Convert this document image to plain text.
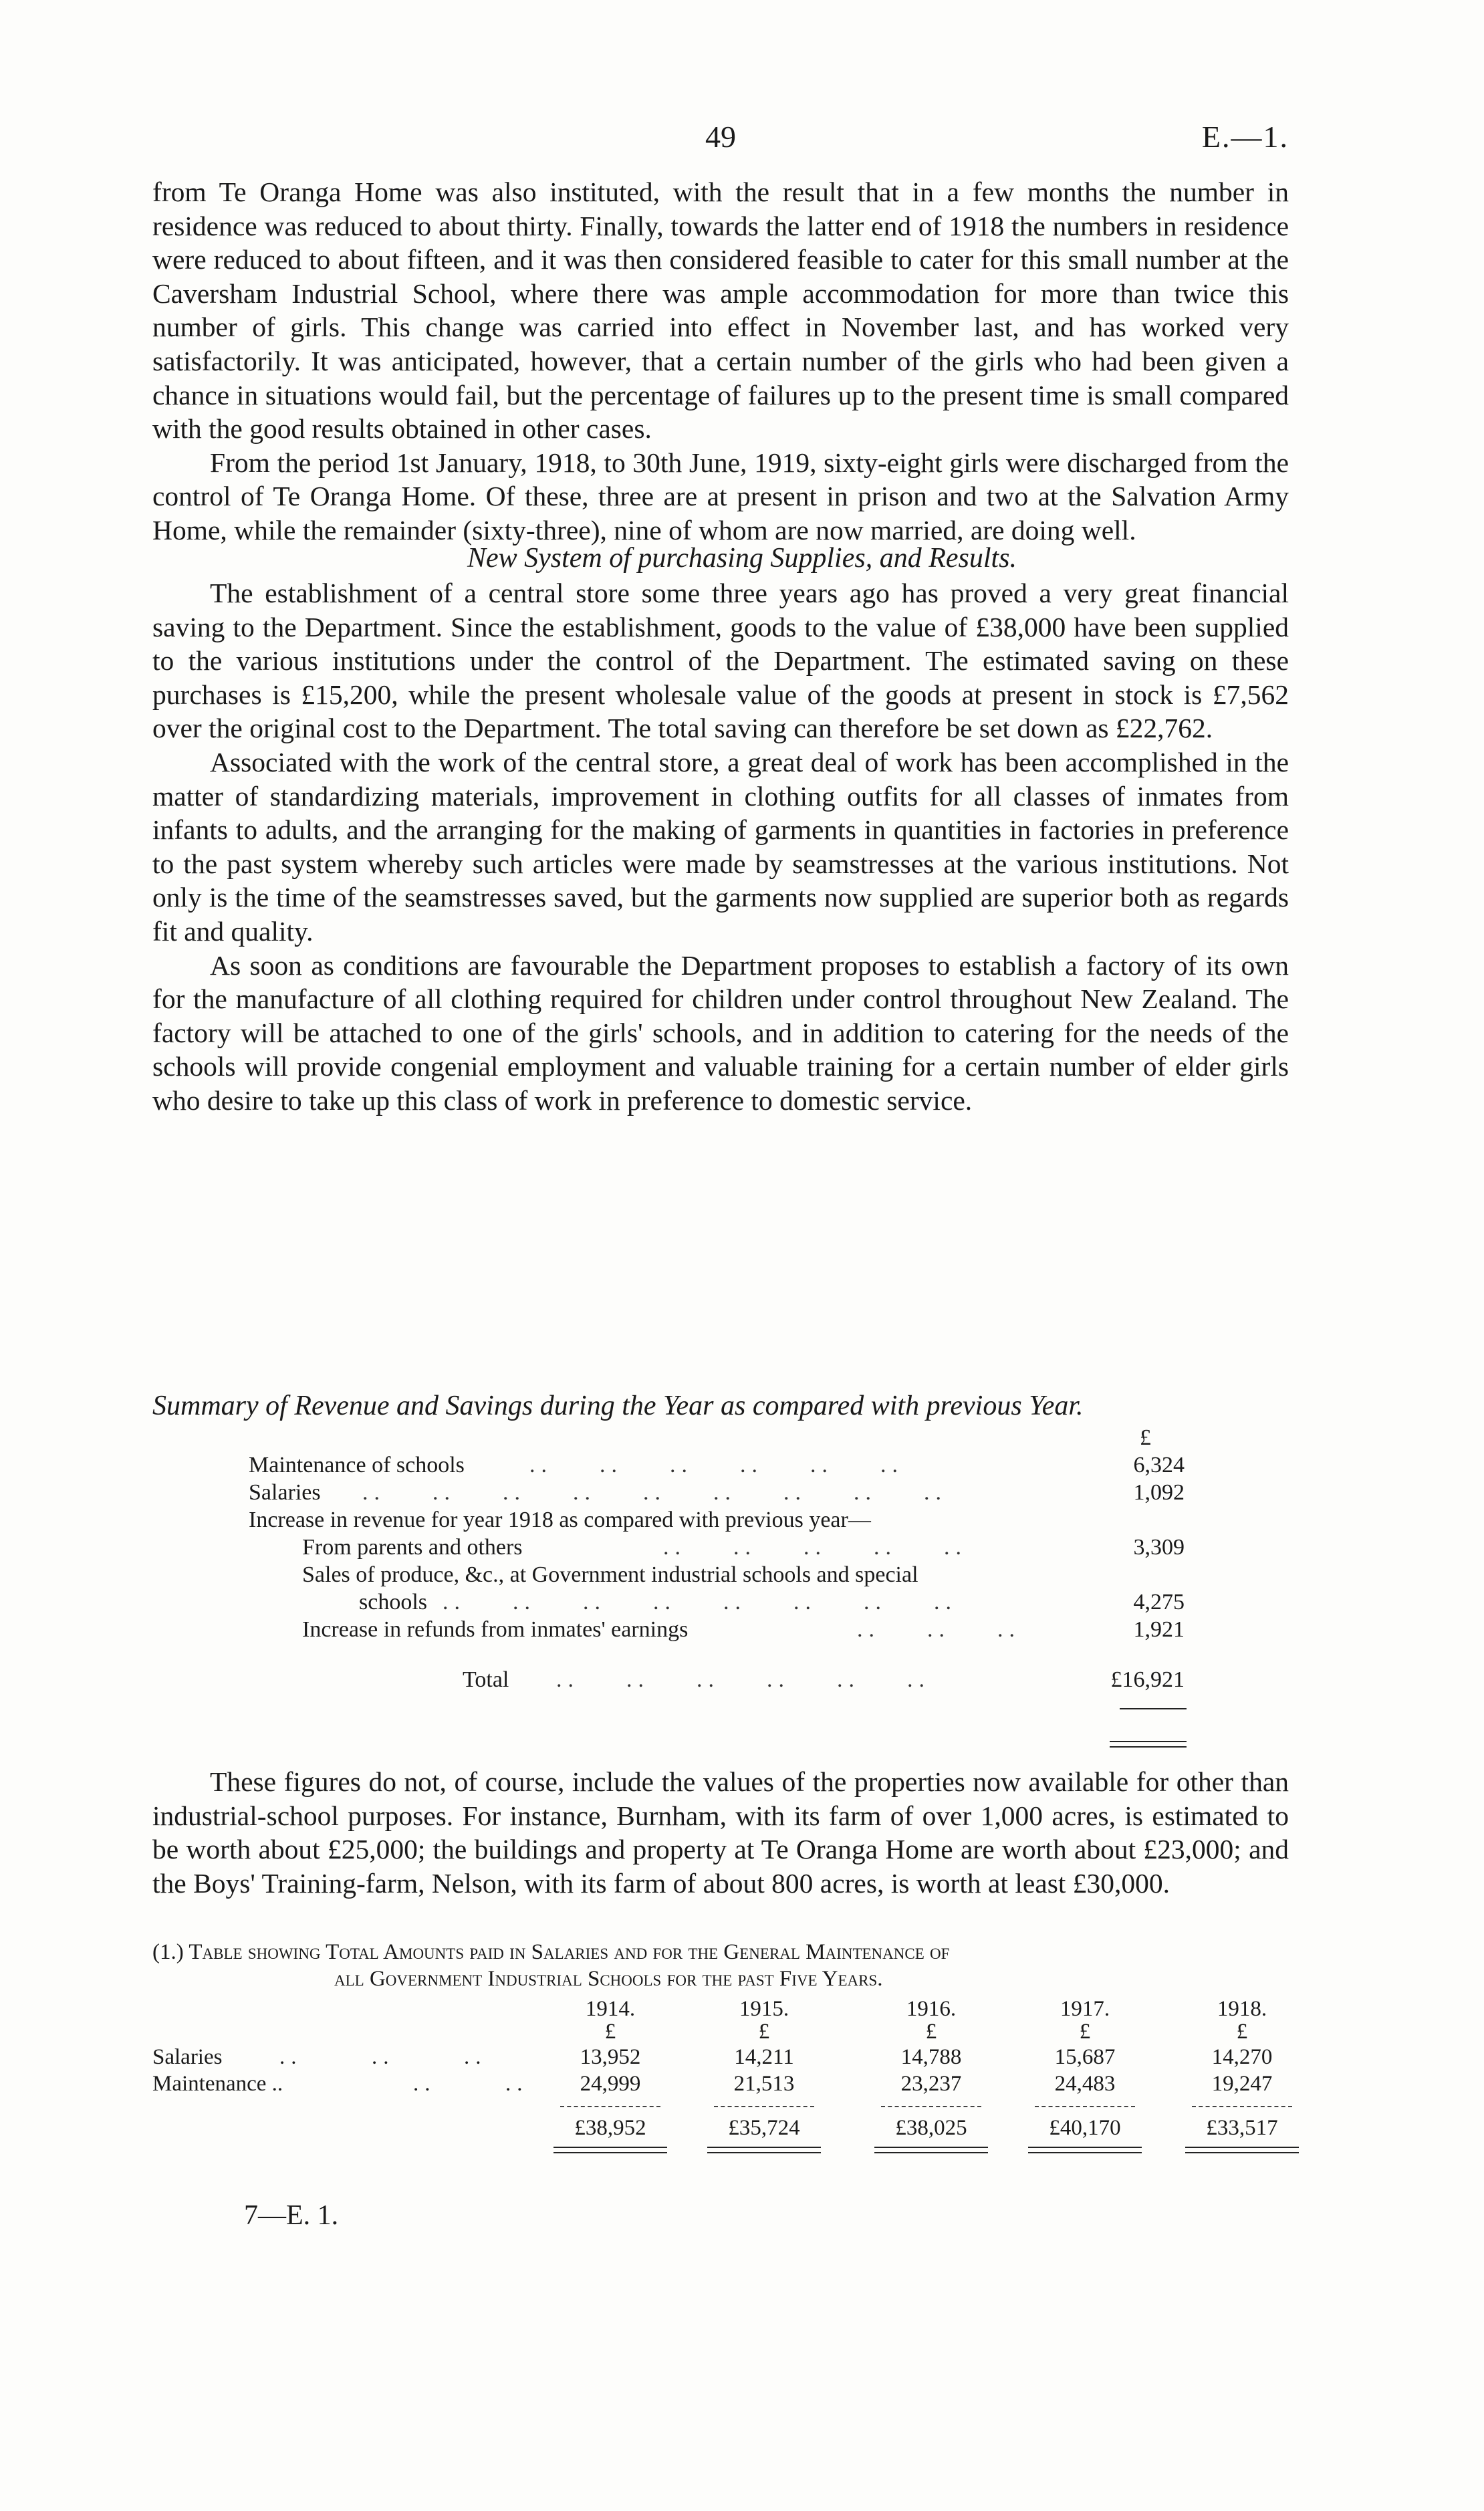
49	E.—1.

from Te Oranga Home was also instituted, with the result that in a few months the number in residence was reduced to about thirty. Finally, towards the latter end of 1918 the numbers in residence were reduced to about fifteen, and it was then considered feasible to cater for this small number at the Caversham Industrial School, where there was ample accommodation for more than twice this number of girls. This change was carried into effect in November last, and has worked very satisfactorily. It was anticipated, however, that a certain number of the girls who had been given a chance in situations would fail, but the percentage of failures up to the present time is small compared with the good results obtained in other cases.

From the period 1st January, 1918, to 30th June, 1919, sixty-eight girls were discharged from the control of Te Oranga Home. Of these, three are at present in prison and two at the Salvation Army Home, while the remainder (sixty-three), nine of whom are now married, are doing well.

New System of purchasing Supplies, and Results.

The establishment of a central store some three years ago has proved a very great financial saving to the Department. Since the establishment, goods to the value of £38,000 have been supplied to the various institutions under the control of the Department. The estimated saving on these purchases is £15,200, while the present wholesale value of the goods at present in stock is £7,562 over the original cost to the Department. The total saving can therefore be set down as £22,762.

Associated with the work of the central store, a great deal of work has been accomplished in the matter of standardizing materials, improvement in clothing outfits for all classes of inmates from infants to adults, and the arranging for the making of garments in quantities in factories in preference to the past system whereby such articles were made by seamstresses at the various institutions. Not only is the time of the seamstresses saved, but the garments now supplied are superior both as regards fit and quality.

As soon as conditions are favourable the Department proposes to establish a factory of its own for the manufacture of all clothing required for children under control throughout New Zealand. The factory will be attached to one of the girls' schools, and in addition to catering for the needs of the schools will provide congenial employment and valuable training for a certain number of elder girls who desire to take up this class of work in preference to domestic service.

Summary of Revenue and Savings during the Year as compared with previous Year.
£
Maintenance of schools	..    ..    ..    ..    ..    ..	6,324
Salaries ..    ..    ..    ..    ..    ..    ..    ..    ..	1,092
Increase in revenue for year 1918 as compared with previous year—
From parents and others	..    ..    ..    ..    ..	3,309
Sales of produce, &c., at Government industrial schools and special
schools ..    ..    ..    ..    ..    ..    ..    ..	4,275
Increase in refunds from inmates' earnings	..    ..    ..	1,921
Total ..    ..    ..    ..    ..    ..	£16,921

These figures do not, of course, include the values of the properties now available for other than industrial-school purposes. For instance, Burnham, with its farm of over 1,000 acres, is estimated to be worth about £25,000; the buildings and property at Te Oranga Home are worth about £23,000; and the Boys' Training-farm, Nelson, with its farm of about 800 acres, is worth at least £30,000.

(1.) Table showing Total Amounts paid in Salaries and for the General Maintenance of
all Government Industrial Schools for the past Five Years.
1914.	1915.	1916.	1917.	1918.
£	£	£	£	£
Salaries	..      ..      ..	13,952	14,211	14,788	15,687	14,270
Maintenance ..	..      ..	24,999	21,513	23,237	24,483	19,247
£38,952	£35,724	£38,025	£40,170	£33,517
7—E. 1.
